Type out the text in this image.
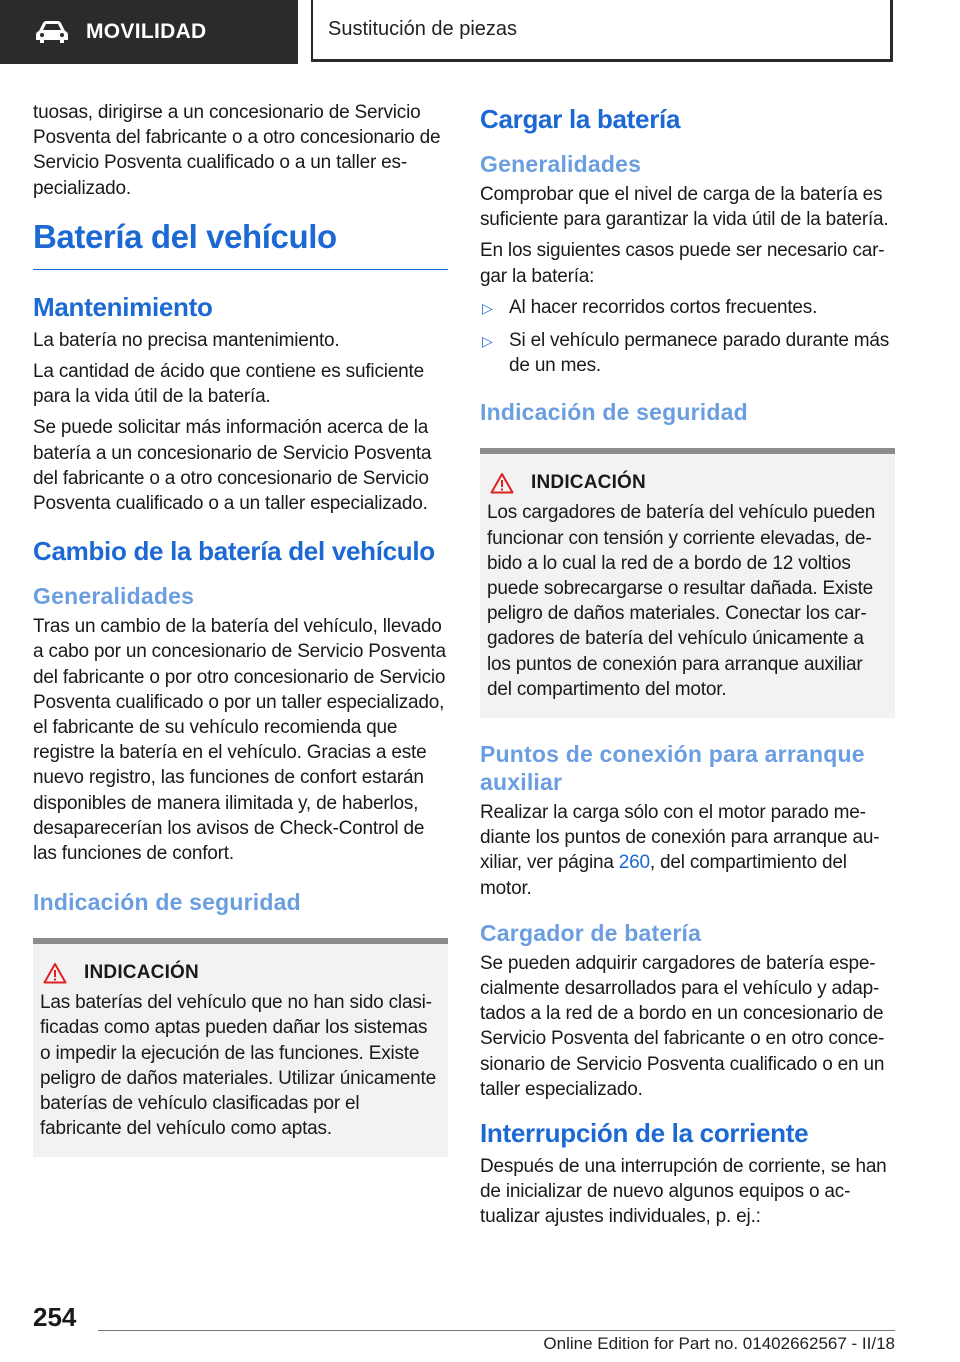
MOVILIDAD	Sustitución de piezas

tuosas, dirigirse a un concesionario de Servicio Posventa del fabricante o a otro concesionario de Servicio Posventa cualificado o a un taller especializado.

Batería del vehículo
Mantenimiento

La batería no precisa mantenimiento.

La cantidad de ácido que contiene es suficiente para la vida útil de la batería.

Se puede solicitar más información acerca de la batería a un concesionario de Servicio Posventa del fabricante o a otro concesionario de Servicio Posventa cualificado o a un taller especializado.

Cambio de la batería del vehículo
Generalidades

Tras un cambio de la batería del vehículo, llevado a cabo por un concesionario de Servicio Posventa del fabricante o por otro concesionario de Servicio Posventa cualificado o por un taller especializado, el fabricante de su vehículo recomienda que registre la batería en el vehículo. Gracias a este nuevo registro, las funciones de confort estarán disponibles de manera ilimitada y, de haberlos, desaparecerían los avisos de Check-Control de las funciones de confort.

Indicación de seguridad
INDICACIÓN

Las baterías del vehículo que no han sido clasificadas como aptas pueden dañar los sistemas o impedir la ejecución de las funciones. Existe peligro de daños materiales. Utilizar únicamente baterías de vehículo clasificadas por el fabricante del vehículo como aptas.

Cargar la batería
Generalidades

Comprobar que el nivel de carga de la batería es suficiente para garantizar la vida útil de la batería.

En los siguientes casos puede ser necesario cargar la batería:

▷ Al hacer recorridos cortos frecuentes.
▷ Si el vehículo permanece parado durante más de un mes.
Indicación de seguridad
INDICACIÓN

Los cargadores de batería del vehículo pueden funcionar con tensión y corriente elevadas, debido a lo cual la red de a bordo de 12 voltios puede sobrecargarse o resultar dañada. Existe peligro de daños materiales. Conectar los cargadores de batería del vehículo únicamente a los puntos de conexión para arranque auxiliar del compartimento del motor.

Puntos de conexión para arranque auxiliar

Realizar la carga sólo con el motor parado mediante los puntos de conexión para arranque auxiliar, ver página 260, del compartimiento del motor.

Cargador de batería

Se pueden adquirir cargadores de batería especialmente desarrollados para el vehículo y adaptados a la red de a bordo en un concesionario de Servicio Posventa del fabricante o en otro concesionario de Servicio Posventa cualificado o en un taller especializado.

Interrupción de la corriente

Después de una interrupción de corriente, se han de inicializar de nuevo algunos equipos o actualizar ajustes individuales, p. ej.:

254
Online Edition for Part no. 01402662567 - II/18
